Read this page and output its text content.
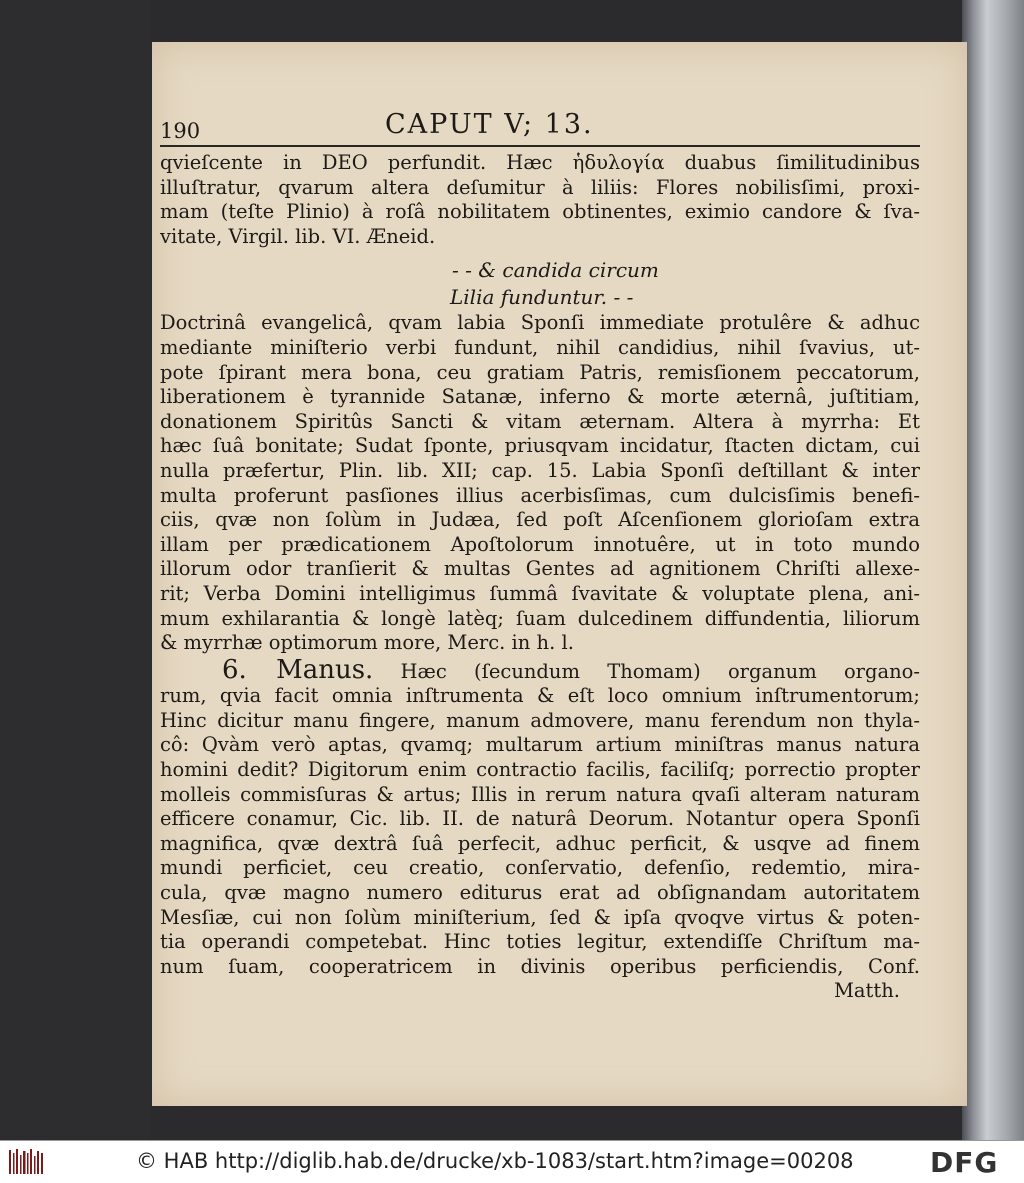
190	CAPUT V; 13.
qvieſcente in DEO perfundit. Hæc ἡδυλογία duabus ſimilitudinibus
illuſtratur, qvarum altera deſumitur à liliis: Flores nobilisſimi, proxi-
mam (teſte Plinio) à roſâ nobilitatem obtinentes, eximio candore & ſva-
vitate, Virgil. lib. VI. Æneid.
- - & candida circum
Lilia funduntur. - -
Doctrinâ evangelicâ, qvam labia Sponſi immediate protulêre & adhuc
mediante miniſterio verbi fundunt, nihil candidius, nihil ſvavius, ut-
pote ſpirant mera bona, ceu gratiam Patris, remisſionem peccatorum,
liberationem è tyrannide Satanæ, inferno & morte æternâ, juſtitiam,
donationem Spiritûs Sancti & vitam æternam. Altera à myrrha: Et
hæc ſuâ bonitate; Sudat ſponte, priusqvam incidatur, ſtacten dictam, cui
nulla præfertur, Plin. lib. XII; cap. 15. Labia Sponſi deſtillant & inter
multa proferunt pasſiones illius acerbisſimas, cum dulcisſimis benefi-
ciis, qvæ non ſolùm in Judæa, ſed poſt Aſcenſionem glorioſam extra
illam per prædicationem Apoſtolorum innotuêre, ut in toto mundo
illorum odor tranſierit & multas Gentes ad agnitionem Chriſti allexe-
rit; Verba Domini intelligimus ſummâ ſvavitate & voluptate plena, ani-
mum exhilarantia & longè latèq; ſuam dulcedinem diffundentia, liliorum
& myrrhæ optimorum more, Merc. in h. l.
6. Manus. Hæc (ſecundum Thomam) organum organo-
rum, qvia facit omnia inſtrumenta & eſt loco omnium inſtrumentorum;
Hinc dicitur manu fingere, manum admovere, manu ferendum non thyla-
cô: Qvàm verò aptas, qvamq; multarum artium miniſtras manus natura
homini dedit? Digitorum enim contractio facilis, faciliſq; porrectio propter
molleis commisſuras & artus; Illis in rerum natura qvaſi alteram naturam
efficere conamur, Cic. lib. II. de naturâ Deorum. Notantur opera Sponſi
magnifica, qvæ dextrâ ſuâ perfecit, adhuc perficit, & usqve ad finem
mundi perficiet, ceu creatio, conſervatio, defenſio, redemtio, mira-
cula, qvæ magno numero editurus erat ad obſignandam autoritatem
Mesſiæ, cui non ſolùm miniſterium, ſed & ipſa qvoqve virtus & poten-
tia operandi competebat. Hinc toties legitur, extendiſſe Chriſtum ma-
num ſuam, cooperatricem in divinis operibus perficiendis, Conf.
Matth.
© HAB http://diglib.hab.de/drucke/xb-1083/start.htm?image=00208	DFG
